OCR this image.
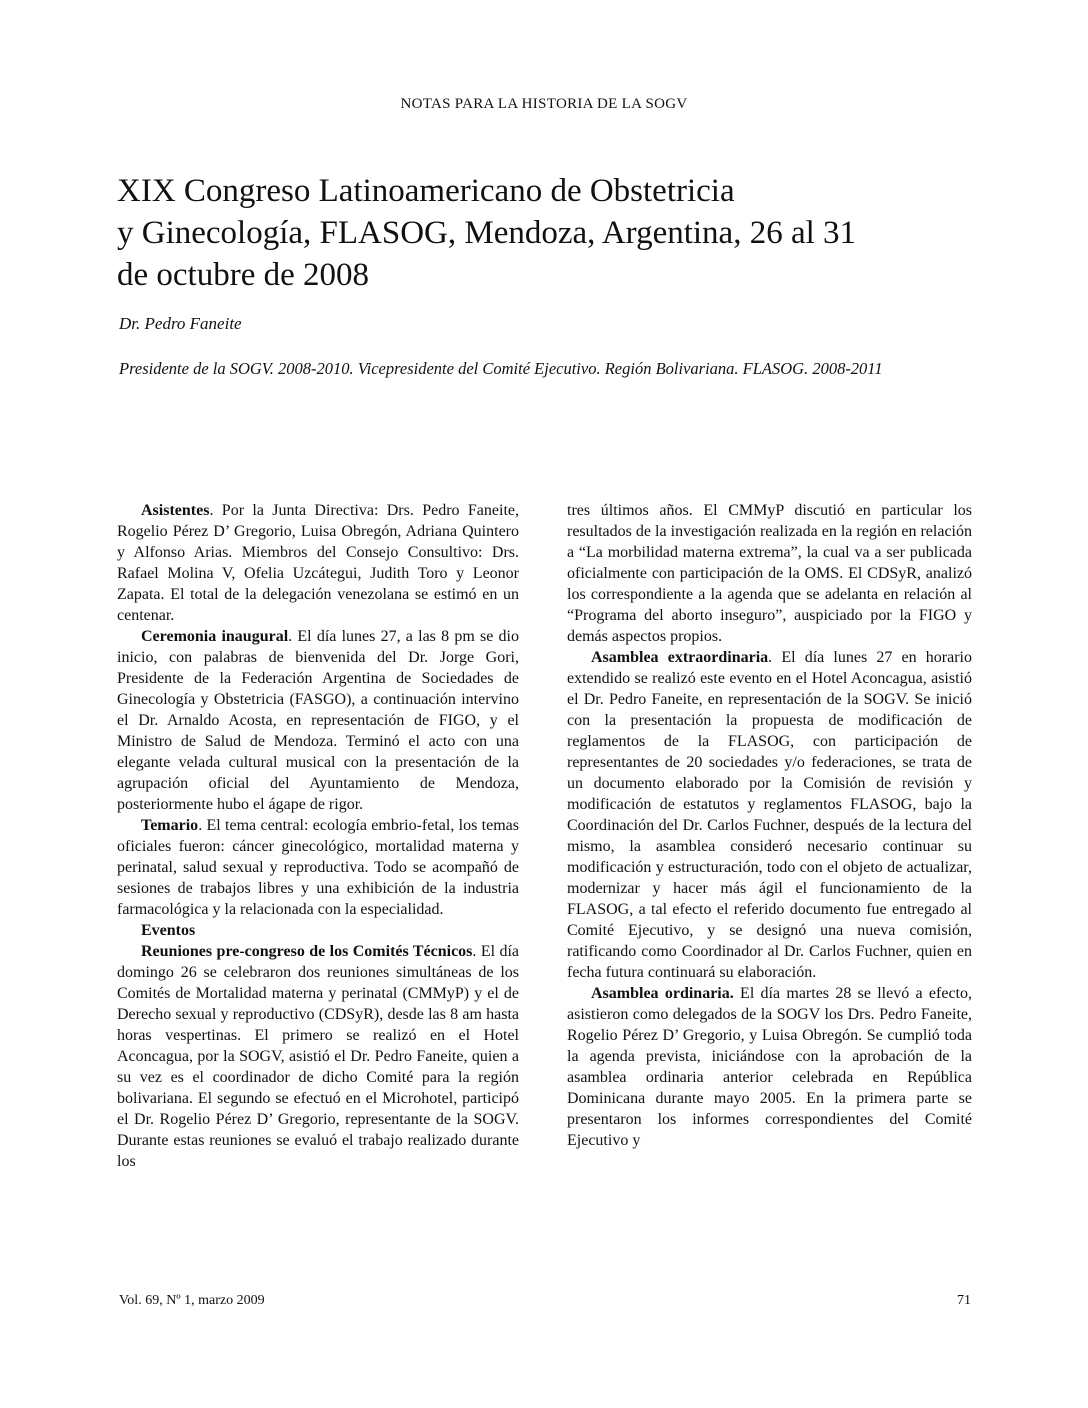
NOTAS PARA LA HISTORIA DE LA SOGV
XIX Congreso Latinoamericano de Obstetricia
y Ginecología, FLASOG, Mendoza, Argentina, 26 al 31
de octubre de 2008
Dr. Pedro Faneite
Presidente de la SOGV. 2008-2010. Vicepresidente del Comité Ejecutivo. Región Bolivariana. FLASOG. 2008-2011

Asistentes. Por la Junta Directiva: Drs. Pedro Faneite, Rogelio Pérez D’ Gregorio, Luisa Obregón, Adriana Quintero y Alfonso Arias. Miembros del Consejo Consultivo: Drs. Rafael Molina V, Ofelia Uzcátegui, Judith Toro y Leonor Zapata. El total de la delegación venezolana se estimó en un centenar.

Ceremonia inaugural. El día lunes 27, a las 8 pm se dio inicio, con palabras de bienvenida del Dr. Jorge Gori, Presidente de la Federación Argentina de Sociedades de Ginecología y Obstetricia (FASGO), a continuación intervino el Dr. Arnaldo Acosta, en representación de FIGO, y el Ministro de Salud de Mendoza. Terminó el acto con una elegante velada cultural musical con la presentación de la agrupación oficial del Ayuntamiento de Mendoza, posteriormente hubo el ágape de rigor.

Temario. El tema central: ecología embrio-fetal, los temas oficiales fueron: cáncer ginecológico, mortalidad materna y perinatal, salud sexual y reproductiva. Todo se acompañó de sesiones de trabajos libres y una exhibición de la industria farmacológica y la relacionada con la especialidad.

Eventos

Reuniones pre-congreso de los Comités Técnicos. El día domingo 26 se celebraron dos reuniones simultáneas de los Comités de Mortalidad materna y perinatal (CMMyP) y el de Derecho sexual y reproductivo (CDSyR), desde las 8 am hasta horas vespertinas. El primero se realizó en el Hotel Aconcagua, por la SOGV, asistió el Dr. Pedro Faneite, quien a su vez es el coordinador de dicho Comité para la región bolivariana. El segundo se efectuó en el Microhotel, participó el Dr. Rogelio Pérez D’ Gregorio, representante de la SOGV. Durante estas reuniones se evaluó el trabajo realizado durante los

tres últimos años. El CMMyP discutió en particular los resultados de la investigación realizada en la región en relación a “La morbilidad materna extrema”, la cual va a ser publicada oficialmente con participación de la OMS. El CDSyR, analizó los correspondiente a la agenda que se adelanta en relación al “Programa del aborto inseguro”, auspiciado por la FIGO y demás aspectos propios.

Asamblea extraordinaria. El día lunes 27 en horario extendido se realizó este evento en el Hotel Aconcagua, asistió el Dr. Pedro Faneite, en representación de la SOGV. Se inició con la presentación la propuesta de modificación de reglamentos de la FLASOG, con participación de representantes de 20 sociedades y/o federaciones, se trata de un documento elaborado por la Comisión de revisión y modificación de estatutos y reglamentos FLASOG, bajo la Coordinación del Dr. Carlos Fuchner, después de la lectura del mismo, la asamblea consideró necesario continuar su modificación y estructuración, todo con el objeto de actualizar, modernizar y hacer más ágil el funcionamiento de la FLASOG, a tal efecto el referido documento fue entregado al Comité Ejecutivo, y se designó una nueva comisión, ratificando como Coordinador al Dr. Carlos Fuchner, quien en fecha futura continuará su elaboración.

Asamblea ordinaria. El día martes 28 se llevó a efecto, asistieron como delegados de la SOGV los Drs. Pedro Faneite, Rogelio Pérez D’ Gregorio, y Luisa Obregón. Se cumplió toda la agenda prevista, iniciándose con la aprobación de la asamblea ordinaria anterior celebrada en República Dominicana durante mayo 2005. En la primera parte se presentaron los informes correspondientes del Comité Ejecutivo y

Vol. 69, Nº 1, marzo 2009	71
